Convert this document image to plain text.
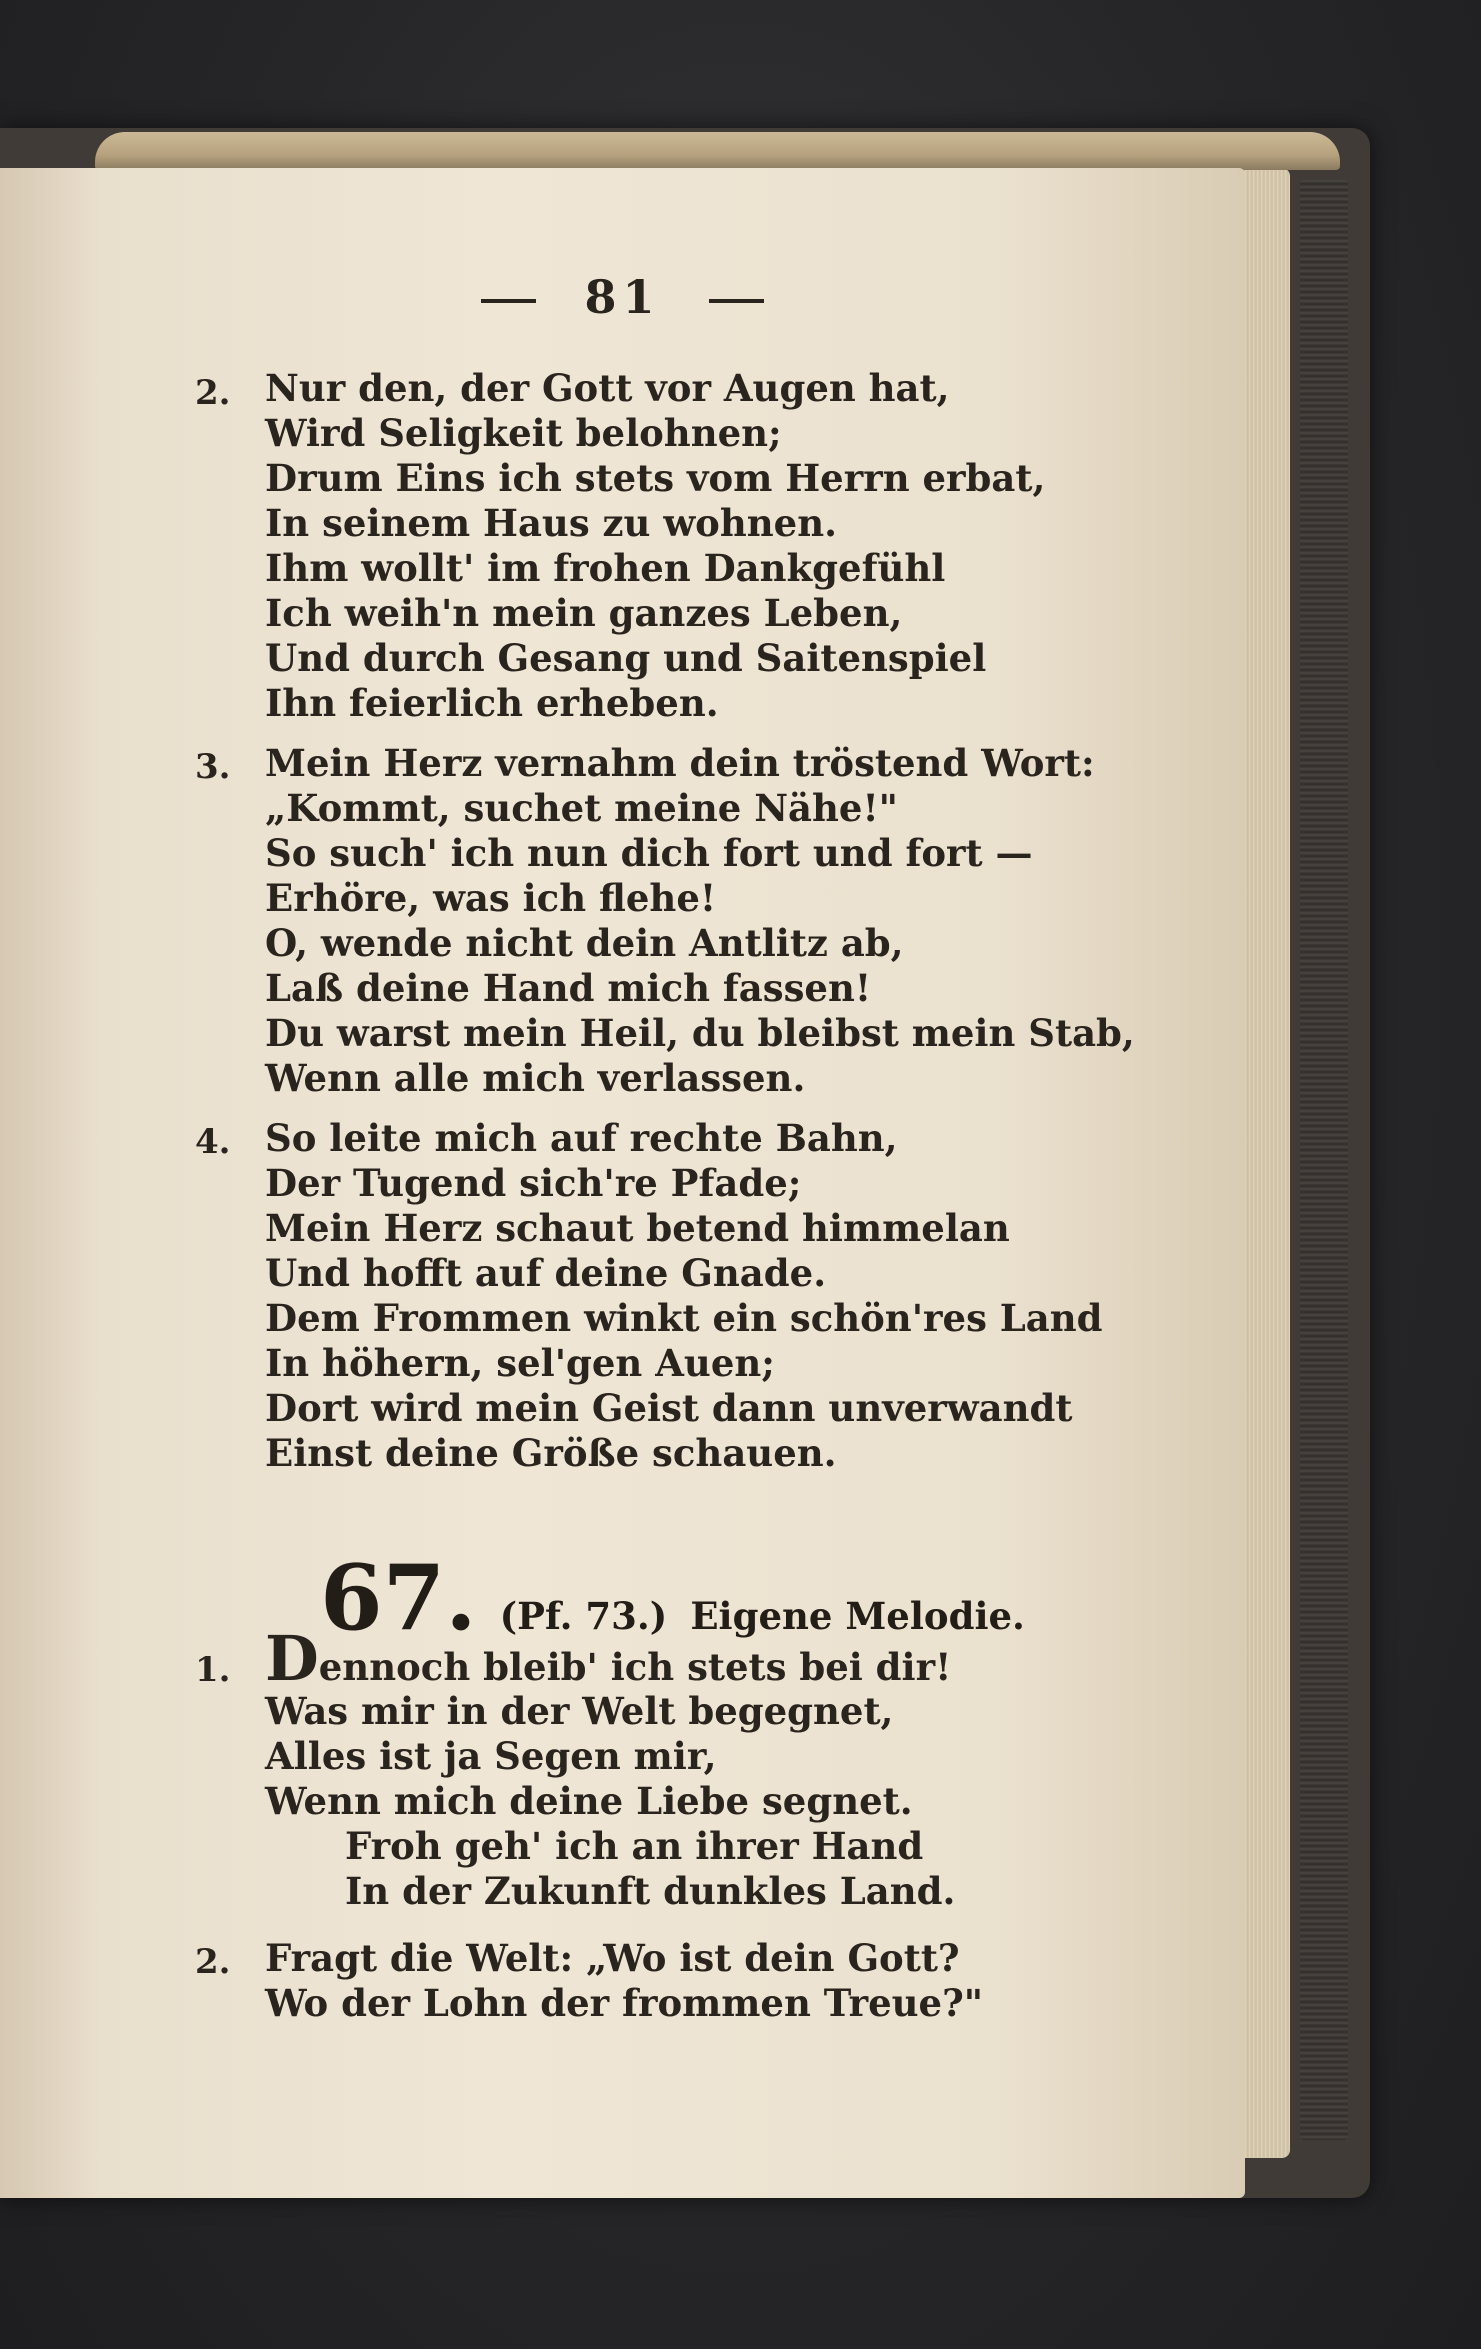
81
2. Nur den, der Gott vor Augen hat,
Wird Seligkeit belohnen;
Drum Eins ich stets vom Herrn erbat,
In seinem Haus zu wohnen.
Ihm wollt' im frohen Dankgefühl
Ich weih'n mein ganzes Leben,
Und durch Gesang und Saitenspiel
Ihn feierlich erheben.
3. Mein Herz vernahm dein tröstend Wort:
„Kommt, suchet meine Nähe!"
So such' ich nun dich fort und fort —
Erhöre, was ich flehe!
O, wende nicht dein Antlitz ab,
Laß deine Hand mich fassen!
Du warst mein Heil, du bleibst mein Stab,
Wenn alle mich verlassen.
4. So leite mich auf rechte Bahn,
Der Tugend sich're Pfade;
Mein Herz schaut betend himmelan
Und hofft auf deine Gnade.
Dem Frommen winkt ein schön'res Land
In höhern, sel'gen Auen;
Dort wird mein Geist dann unverwandt
Einst deine Größe schauen.
67. (Pf. 73.) Eigene Melodie.
1. Dennoch bleib' ich stets bei dir!
Was mir in der Welt begegnet,
Alles ist ja Segen mir,
Wenn mich deine Liebe segnet.
Froh geh' ich an ihrer Hand
In der Zukunft dunkles Land.
2. Fragt die Welt: „Wo ist dein Gott?
Wo der Lohn der frommen Treue?"
